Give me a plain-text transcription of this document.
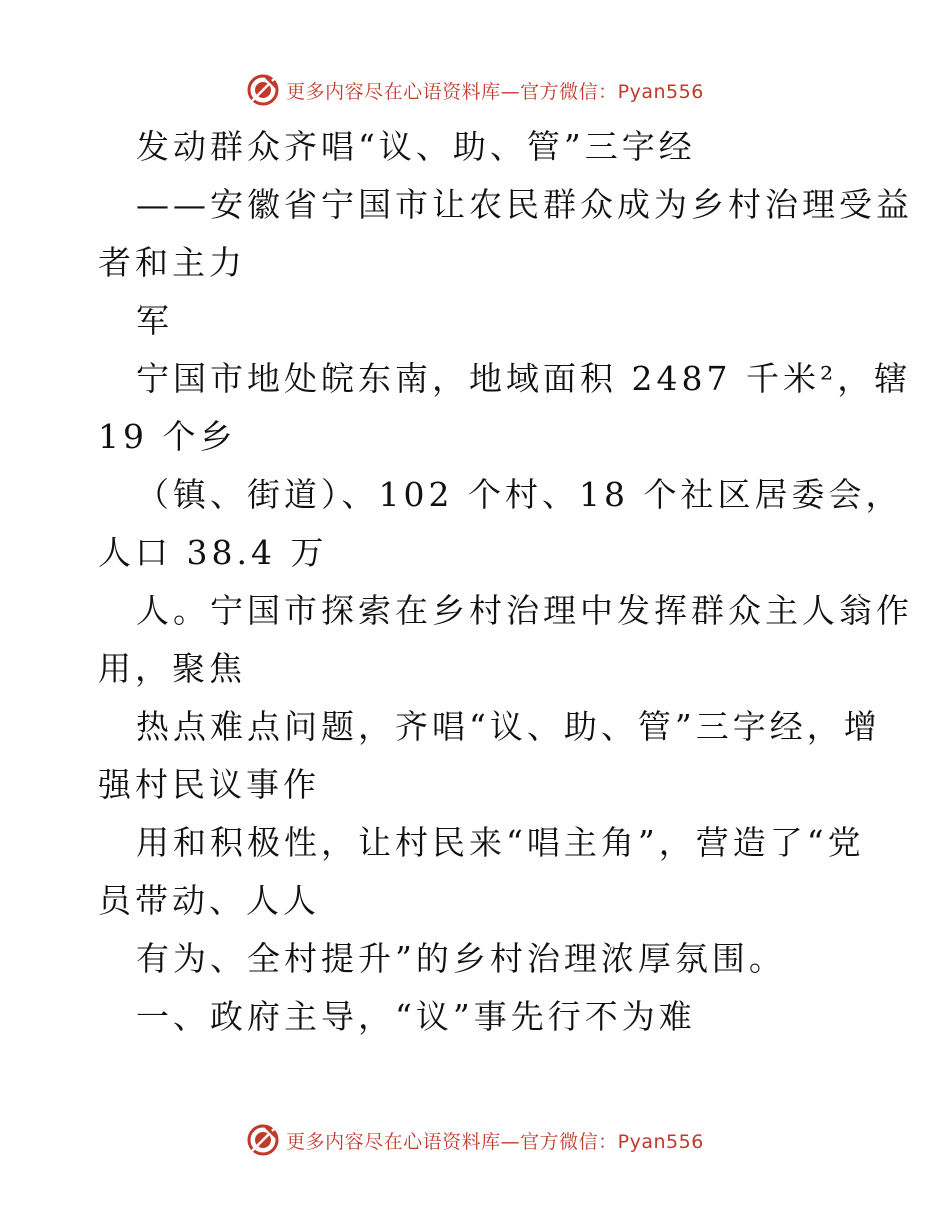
更多内容尽在心语资料库—官方微信：Pyan556
发动群众齐唱“议、助、管”三字经
——安徽省宁国市让农民群众成为乡村治理受益
者和主力
军
宁国市地处皖东南，地域面积 2487 千米²，辖
19 个乡
（镇、街道）、102 个村、18 个社区居委会，
人口 38.4 万
人。宁国市探索在乡村治理中发挥群众主人翁作
用，聚焦
热点难点问题，齐唱“议、助、管”三字经，增
强村民议事作
用和积极性，让村民来“唱主角”，营造了“党
员带动、人人
有为、全村提升”的乡村治理浓厚氛围。
一、政府主导，“议”事先行不为难
更多内容尽在心语资料库—官方微信：Pyan556
